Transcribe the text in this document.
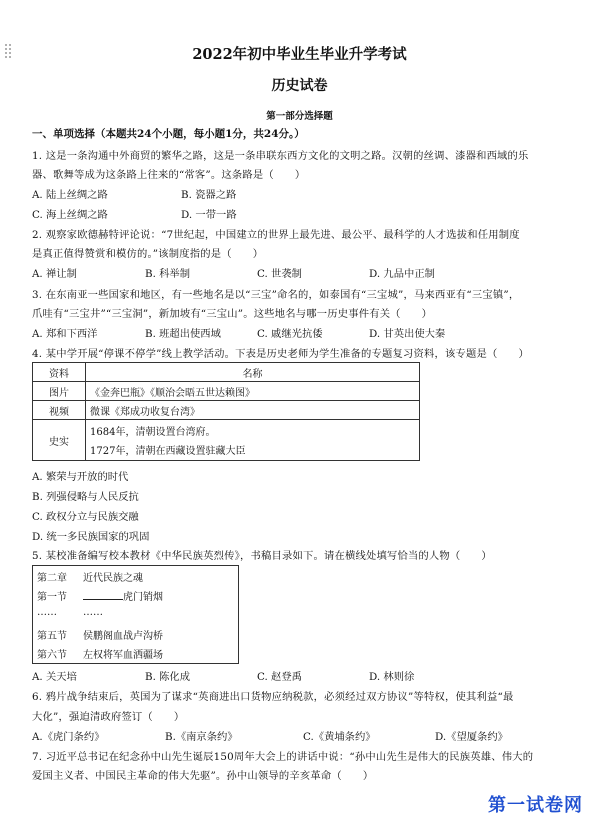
2022年初中毕业生毕业升学考试
历史试卷
第一部分选择题
一、单项选择（本题共24个小题，每小题1分，共24分。）
1. 这是一条沟通中外商贸的繁华之路，这是一条串联东西方文化的文明之路。汉朝的丝调、漆器和西域的乐
器、歌舞等成为这条路上往来的“常客”。这条路是（　　）
A. 陆上丝绸之路	B. 瓷器之路
C. 海上丝绸之路	D. 一带一路
2. 观察家欧德赫特评论说：“7世纪起，中国建立的世界上最先进、最公平、最科学的人才选拔和任用制度
是真正值得赞赏和模仿的。”该制度指的是（　　）
A. 禅让制	B. 科举制	C. 世袭制	D. 九品中正制
3. 在东南亚一些国家和地区，有一些地名是以“三宝”命名的，如泰国有“三宝城”，马来西亚有“三宝镇”，
爪哇有“三宝井”“三宝洞”，新加坡有“三宝山”。这些地名与哪一历史事件有关（　　）
A. 郑和下西洋	B. 班超出使西域	C. 戚继光抗倭	D. 甘英出使大秦
4. 某中学开展“停课不停学”线上教学活动。下表是历史老师为学生准备的专题复习资料，该专题是（　　）
资料	名称
图片	《金奔巴瓶》《顺治会晤五世达赖图》
视频	微课《郑成功收复台湾》
史实	1684年，清朝设置台湾府。
1727年，清朝在西藏设置驻藏大臣
A. 繁荣与开放的时代
B. 列强侵略与人民反抗
C. 政权分立与民族交融
D. 统一多民族国家的巩固
5. 某校准备编写校本教材《中华民族英烈传》，书稿目录如下。请在横线处填写恰当的人物（　　）
第二章 近代民族之魂
第一节	虎门销烟
……	……
第五节 侯鹏阁血战卢沟桥
第六节 左权将军血洒疆场
A. 关天培	B. 陈化成	C. 赵登禹	D. 林则徐
6. 鸦片战争结束后，英国为了谋求“英商进出口货物应纳税款，必须经过双方协议”等特权，使其利益“最
大化”，强迫清政府签订（　　）
A.《虎门条约》	B.《南京条约》	C.《黄埔条约》	D.《望厦条约》
7. 习近平总书记在纪念孙中山先生诞辰150周年大会上的讲话中说：“孙中山先生是伟大的民族英雄、伟大的
爱国主义者、中国民主革命的伟大先驱”。孙中山领导的辛亥革命（　　）
第一试卷网
